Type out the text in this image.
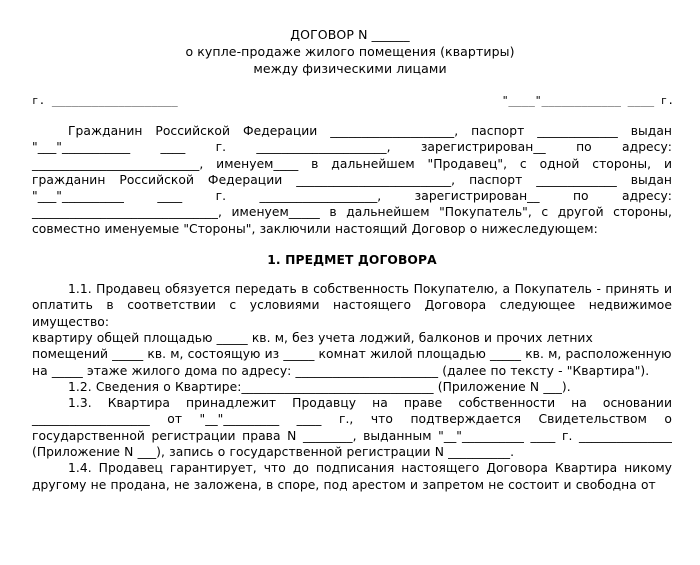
ДОГОВОР N ______
о купле-продаже жилого помещения (квартиры)
между физическими лицами
г. ___________________	"____"____________ ____ г.

Гражданин Российской Федерации ____________________, паспорт _____________ выдан "___"___________ ____ г. _____________________, зарегистрирован__ по адресу: ___________________________, именуем____ в дальнейшем "Продавец", с одной стороны, и гражданин Российской Федерации _________________________, паспорт _____________ выдан "___"__________ ____ г. ___________________, зарегистрирован__ по адресу: ______________________________, именуем_____ в дальнейшем "Покупатель", с другой стороны, совместно именуемые "Стороны", заключили настоящий Договор о нижеследующем:

1. ПРЕДМЕТ ДОГОВОРА

1.1. Продавец обязуется передать в собственность Покупателю, а Покупатель - принять и оплатить в соответствии с условиями настоящего Договора следующее недвижимое имущество:

квартиру общей площадью _____ кв. м, без учета лоджий, балконов и прочих летних помещений _____ кв. м, состоящую из _____ комнат жилой площадью _____ кв. м, расположенную на _____ этаже жилого дома по адресу: _______________________ (далее по тексту - "Квартира").

1.2. Сведения о Квартире:_______________________________ (Приложение N ___).

1.3. Квартира принадлежит Продавцу на праве собственности на основании ___________________ от "__"_________ ____ г., что подтверждается Свидетельством о государственной регистрации права N ________, выданным "__"__________ ____ г. _______________ (Приложение N ___), запись о государственной регистрации N __________.

1.4. Продавец гарантирует, что до подписания настоящего Договора Квартира никому другому не продана, не заложена, в споре, под арестом и запретом не состоит и свободна от
